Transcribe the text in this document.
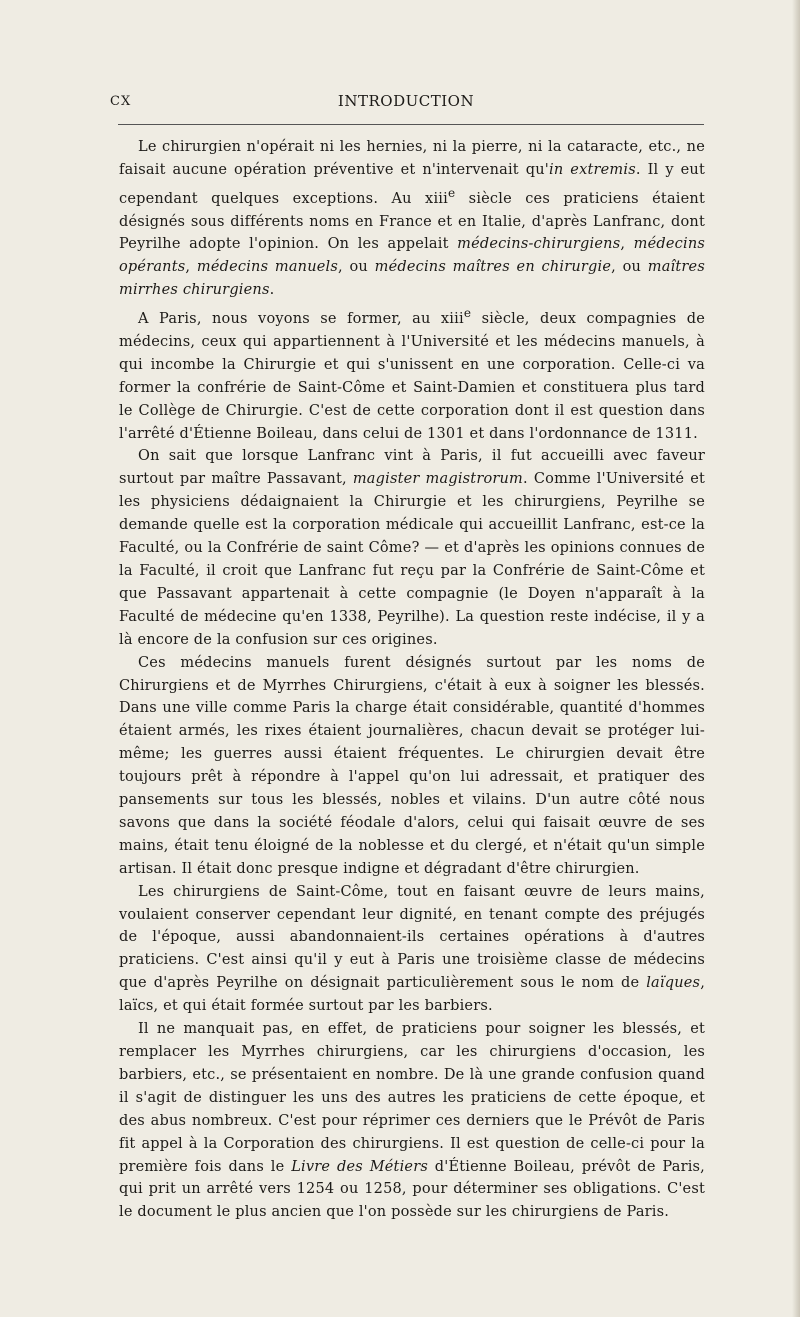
CX	INTRODUCTION

Le chirurgien n'opérait ni les hernies, ni la pierre, ni la cataracte, etc., ne faisait aucune opération préventive et n'intervenait qu'in extremis. Il y eut cependant quelques exceptions. Au xiii$^e$ siècle ces praticiens étaient désignés sous différents noms en France et en Italie, d'après Lanfranc, dont Peyrilhe adopte l'opinion. On les appelait médecins-chirurgiens, médecins opérants, médecins manuels, ou médecins maîtres en chirurgie, ou maîtres mirrhes chirurgiens.

A Paris, nous voyons se former, au xiii$^e$ siècle, deux compagnies de médecins, ceux qui appartiennent à l'Université et les médecins manuels, à qui incombe la Chirurgie et qui s'unissent en une corporation. Celle-ci va former la confrérie de Saint-Côme et Saint-Damien et constituera plus tard le Collège de Chirurgie. C'est de cette corporation dont il est question dans l'arrêté d'Étienne Boileau, dans celui de 1301 et dans l'ordonnance de 1311.

On sait que lorsque Lanfranc vint à Paris, il fut accueilli avec faveur surtout par maître Passavant, magister magistrorum. Comme l'Université et les physiciens dédaignaient la Chirurgie et les chirurgiens, Peyrilhe se demande quelle est la corporation médicale qui accueillit Lanfranc, est-ce la Faculté, ou la Confrérie de saint Côme? — et d'après les opinions connues de la Faculté, il croit que Lanfranc fut reçu par la Confrérie de Saint-Côme et que Passavant appartenait à cette compagnie (le Doyen n'apparaît à la Faculté de médecine qu'en 1338, Peyrilhe). La question reste indécise, il y a là encore de la confusion sur ces origines.

Ces médecins manuels furent désignés surtout par les noms de Chirurgiens et de Myrrhes Chirurgiens, c'était à eux à soigner les blessés. Dans une ville comme Paris la charge était considérable, quantité d'hommes étaient armés, les rixes étaient journalières, chacun devait se protéger lui-même; les guerres aussi étaient fréquentes. Le chirurgien devait être toujours prêt à répondre à l'appel qu'on lui adressait, et pratiquer des pansements sur tous les blessés, nobles et vilains. D'un autre côté nous savons que dans la société féodale d'alors, celui qui faisait œuvre de ses mains, était tenu éloigné de la noblesse et du clergé, et n'était qu'un simple artisan. Il était donc presque indigne et dégradant d'être chirurgien.

Les chirurgiens de Saint-Côme, tout en faisant œuvre de leurs mains, voulaient conserver cependant leur dignité, en tenant compte des préjugés de l'époque, aussi abandonnaient-ils certaines opérations à d'autres praticiens. C'est ainsi qu'il y eut à Paris une troisième classe de médecins que d'après Peyrilhe on désignait particulièrement sous le nom de laïques, laïcs, et qui était formée surtout par les barbiers.

Il ne manquait pas, en effet, de praticiens pour soigner les blessés, et remplacer les Myrrhes chirurgiens, car les chirurgiens d'occasion, les barbiers, etc., se présentaient en nombre. De là une grande confusion quand il s'agit de distinguer les uns des autres les praticiens de cette époque, et des abus nombreux. C'est pour réprimer ces derniers que le Prévôt de Paris fit appel à la Corporation des chirurgiens. Il est question de celle-ci pour la première fois dans le Livre des Métiers d'Étienne Boileau, prévôt de Paris, qui prit un arrêté vers 1254 ou 1258, pour déterminer ses obligations. C'est le document le plus ancien que l'on possède sur les chirurgiens de Paris.
